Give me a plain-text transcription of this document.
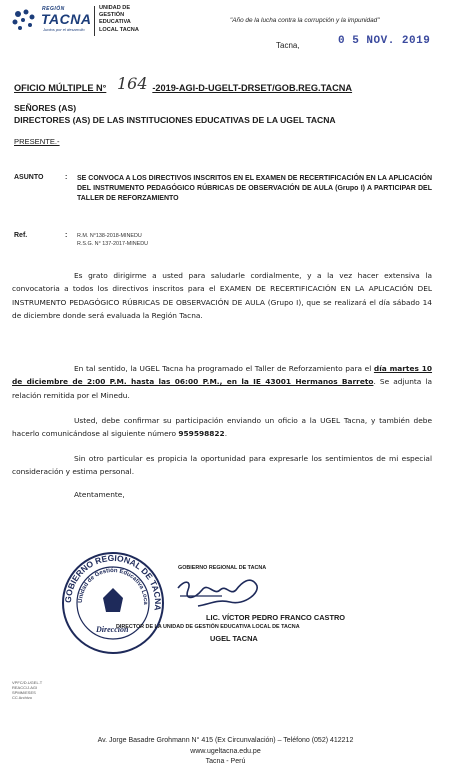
REGIÓN
TACNA
Juntos por el desarrollo
UNIDAD DE
GESTIÓN
EDUCATIVA
LOCAL TACNA
"Año de la lucha contra la corrupción y la impunidad"
Tacna,	0 5 NOV. 2019
OFICIO MÚLTIPLE N°	-2019-AGI-D-UGELT-DRSET/GOB.REG.TACNA
164
SEÑORES (AS)
DIRECTORES (AS) DE LAS INSTITUCIONES EDUCATIVAS DE LA UGEL TACNA
PRESENTE.-
ASUNTO	: SE CONVOCA A LOS DIRECTIVOS INSCRITOS EN EL EXAMEN DE RECERTIFICACIÓN EN LA APLICACIÓN DEL INSTRUMENTO PEDAGÓGICO RÚBRICAS DE OBSERVACIÓN DE AULA (Grupo I) A PARTICIPAR DEL TALLER DE REFORZAMIENTO
Ref.	: R.M. N°138-2018-MINEDU
R.S.G. N° 137-2017-MINEDU
Es grato dirigirme a usted para saludarle cordialmente, y a la vez hacer extensiva la convocatoria a todos los directivos inscritos para el EXAMEN DE RECERTIFICACIÓN EN LA APLICACIÓN DEL INSTRUMENTO PEDAGÓGICO RÚBRICAS DE OBSERVACIÓN DE AULA (Grupo I), que se realizará el día sábado 14 de diciembre donde será evaluada la Región Tacna.
En tal sentido, la UGEL Tacna ha programado el Taller de Reforzamiento para el día martes 10 de diciembre de 2:00 P.M. hasta las 06:00 P.M., en la IE 43001 Hermanos Barreto. Se adjunta la relación remitida por el Minedu.
Usted, debe confirmar su participación enviando un oficio a la UGEL Tacna, y también debe hacerlo comunicándose al siguiente número 959598822.
Sin otro particular es propicia la oportunidad para expresarle los sentimientos de mi especial consideración y estima personal.
Atentamente,
GOBIERNO REGIONAL DE TACNA
Unidad de Gestión Educativa Loca
Dirección
GOBIERNO REGIONAL DE TACNA
LIC. VÍCTOR PEDRO FRANCO CASTRO
DIRECTOR DE LA UNIDAD DE GESTIÓN EDUCATIVA LOCAL DE TACNA
UGEL TACNA
VPFC/D.UGEL.T
REACC/J.AGI
SPMM/ESES
CC Archivo
Av. Jorge Basadre Grohmann N° 415 (Ex Circunvalación) – Teléfono (052) 412212
www.ugeltacna.edu.pe
Tacna - Perú
